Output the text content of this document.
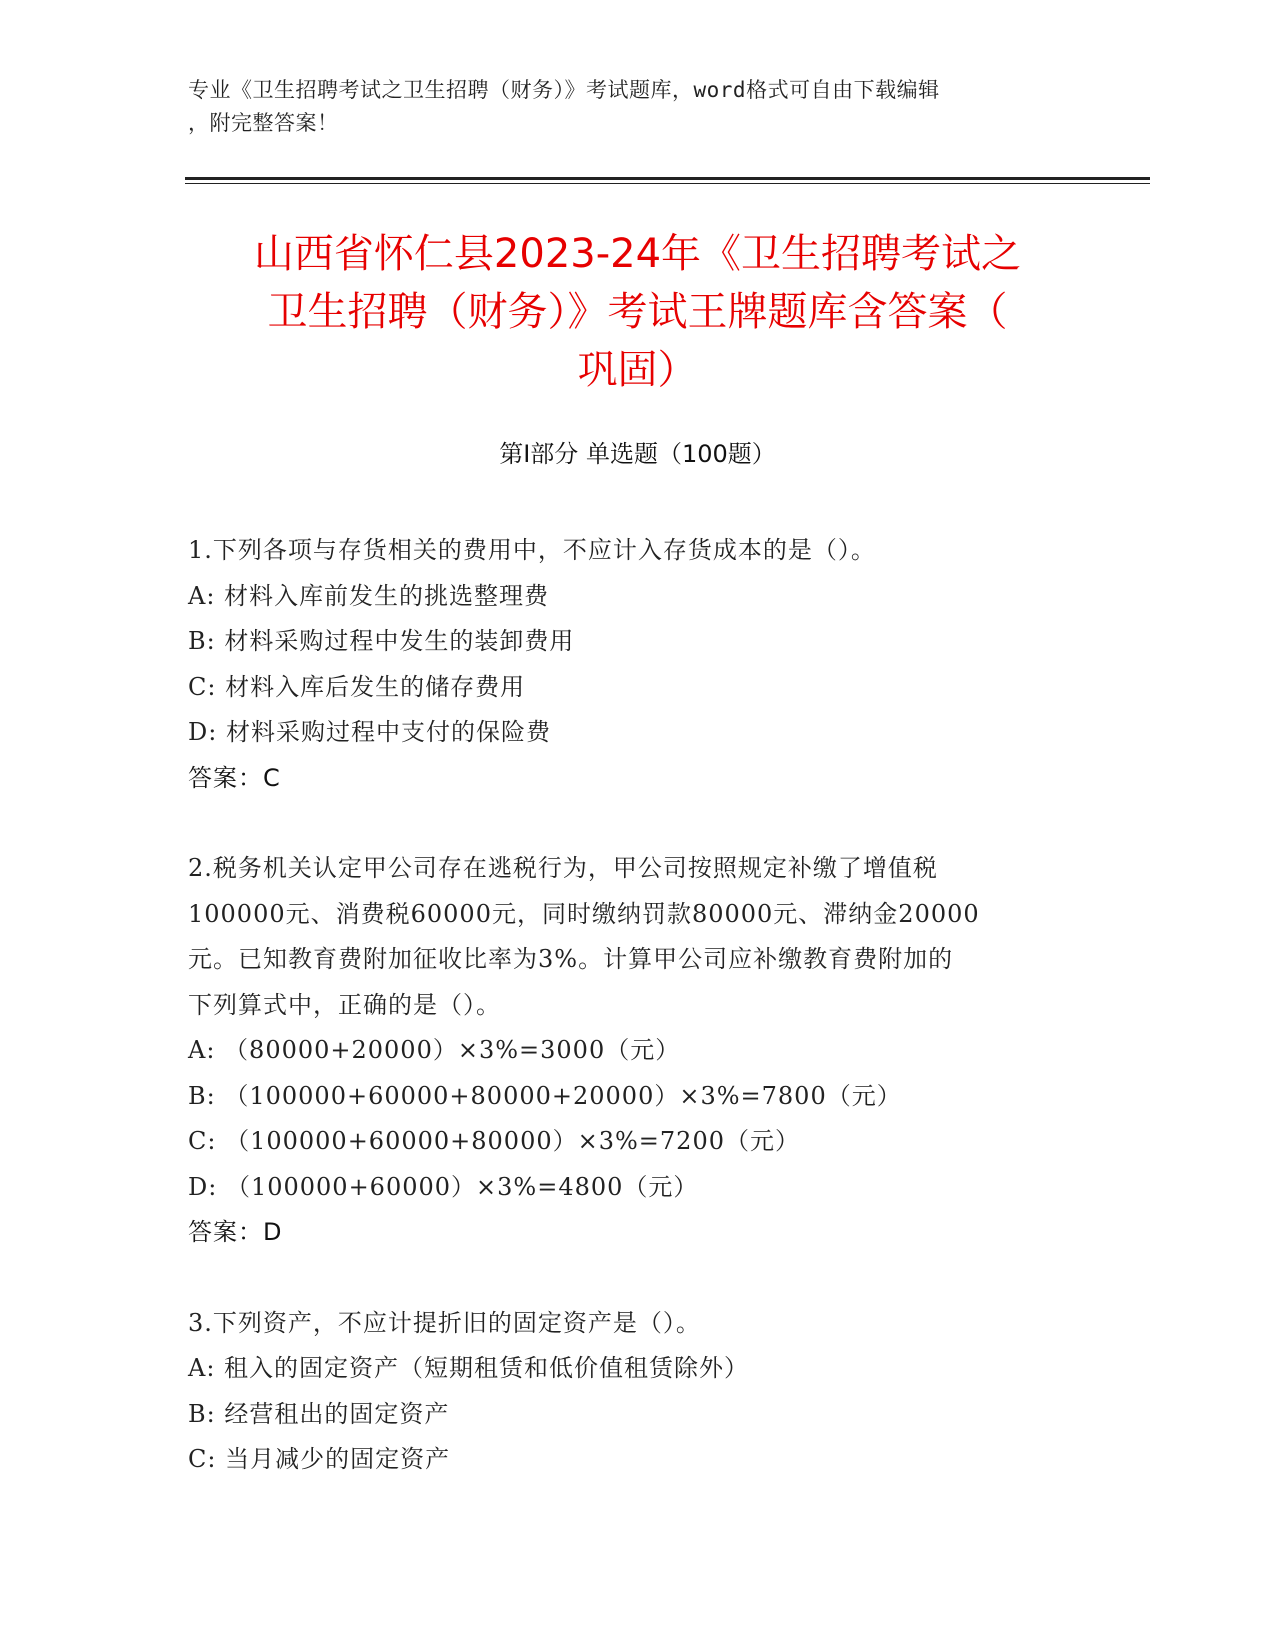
专业《卫生招聘考试之卫生招聘（财务）》考试题库，word格式可自由下载编辑
，附完整答案！
山西省怀仁县2023-24年《卫生招聘考试之
卫生招聘（财务）》考试王牌题库含答案（
巩固）
第Ⅰ部分 单选题（100题）

1.下列各项与存货相关的费用中，不应计入存货成本的是（）。

A: 材料入库前发生的挑选整理费

B: 材料采购过程中发生的装卸费用

C: 材料入库后发生的储存费用

D: 材料采购过程中支付的保险费

答案：C

2.税务机关认定甲公司存在逃税行为，甲公司按照规定补缴了增值税

100000元、消费税60000元，同时缴纳罚款80000元、滞纳金20000

元。已知教育费附加征收比率为3%。计算甲公司应补缴教育费附加的

下列算式中，正确的是（）。

A: （80000+20000）×3%=3000（元）

B: （100000+60000+80000+20000）×3%=7800（元）

C: （100000+60000+80000）×3%=7200（元）

D: （100000+60000）×3%=4800（元）

答案：D

3.下列资产，不应计提折旧的固定资产是（）。

A: 租入的固定资产（短期租赁和低价值租赁除外）

B: 经营租出的固定资产

C: 当月减少的固定资产
